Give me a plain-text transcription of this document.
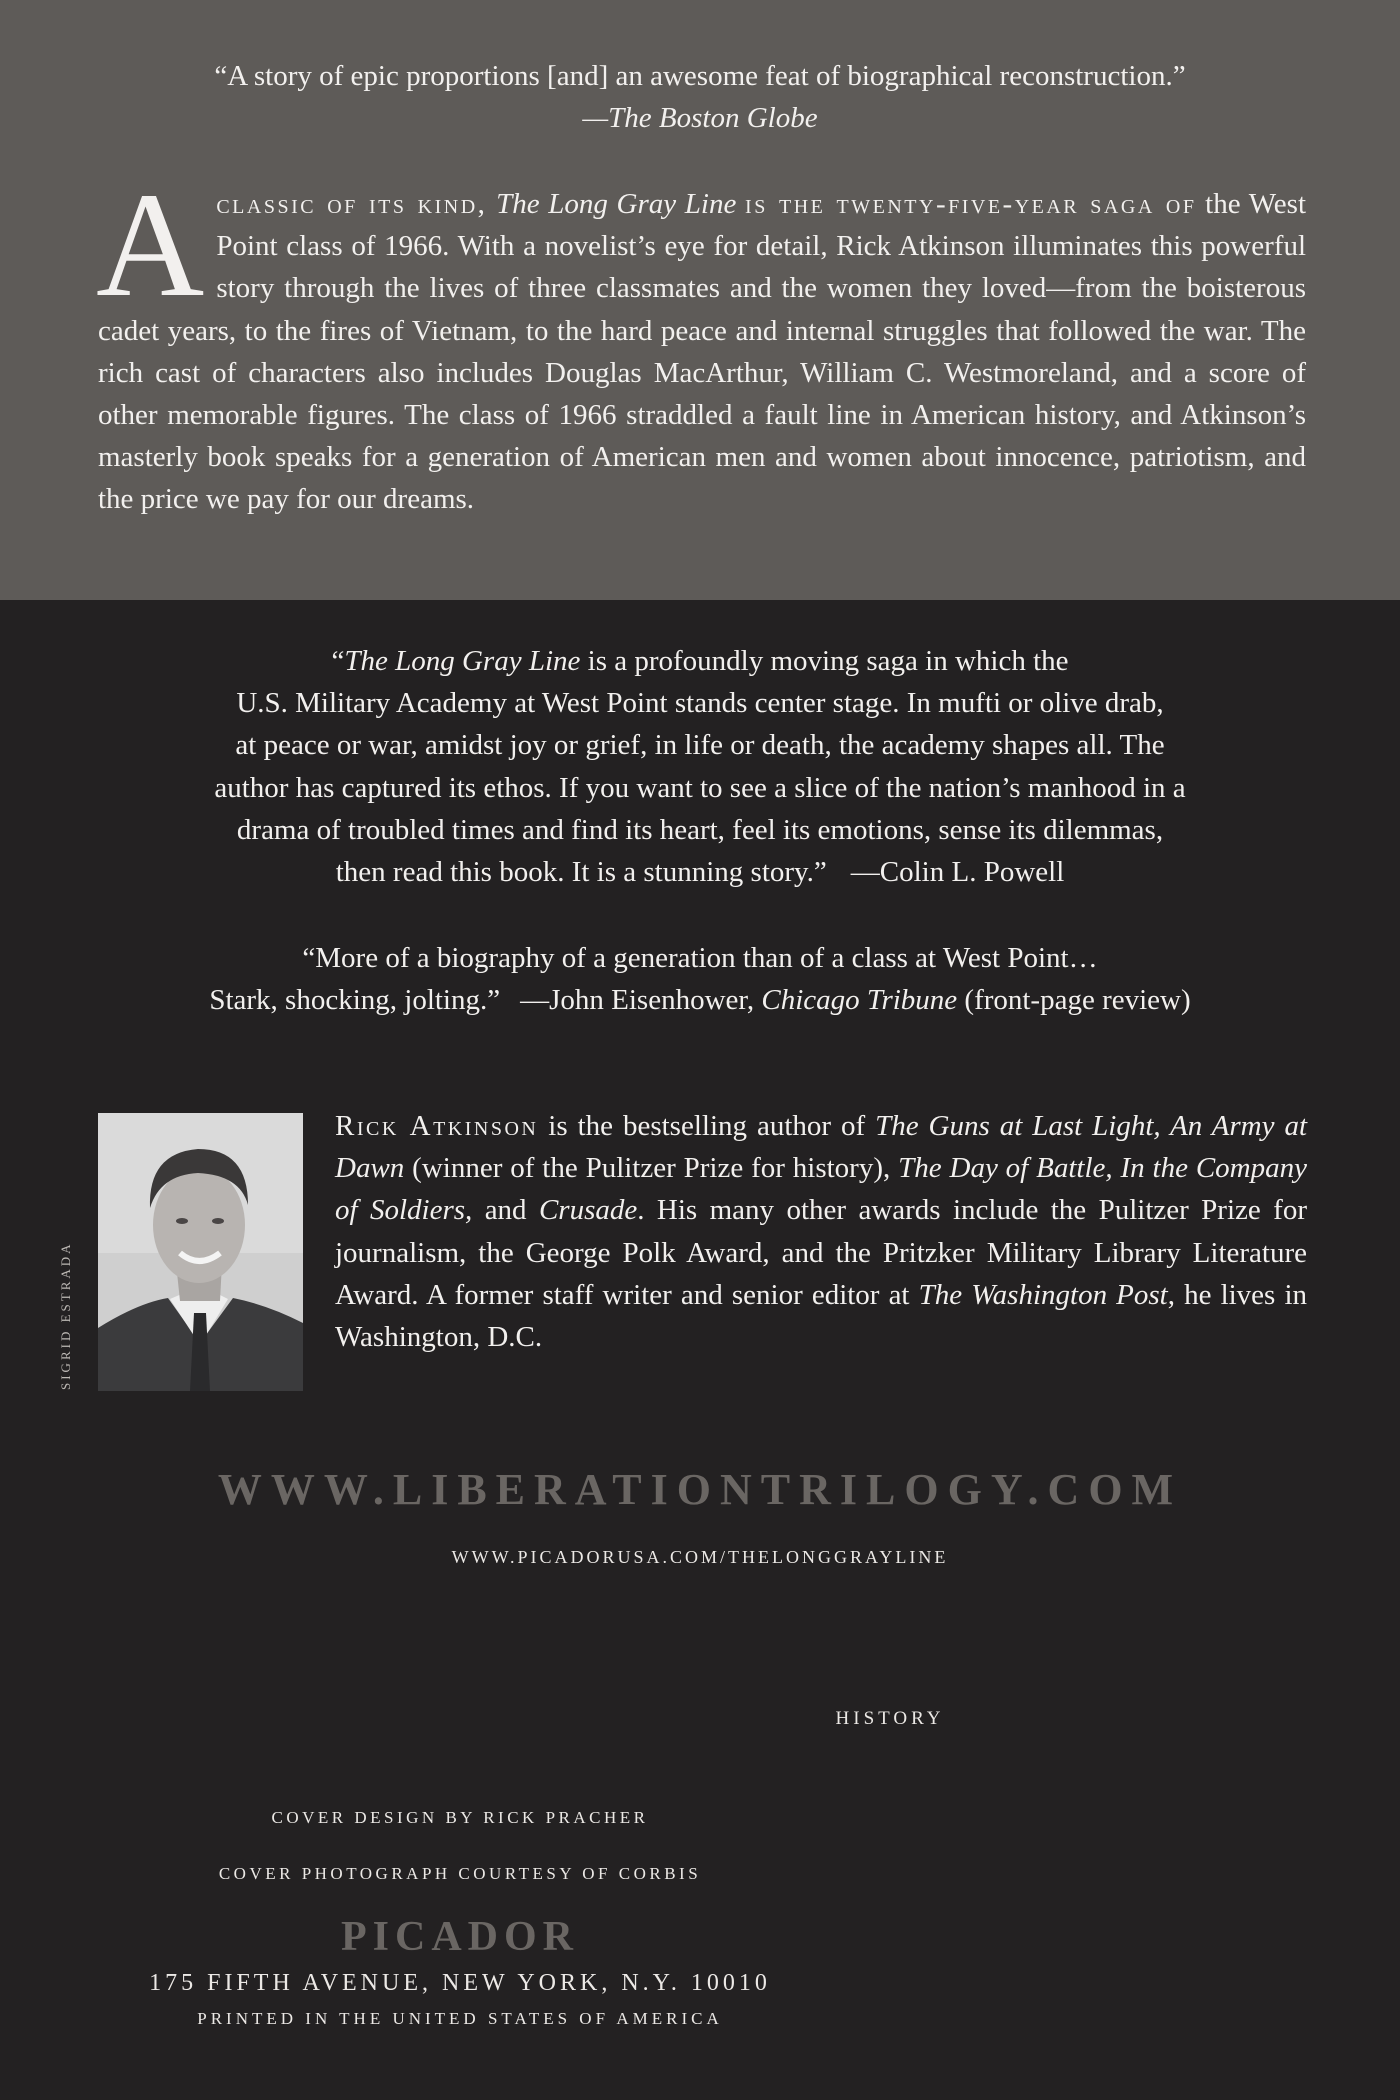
“A story of epic proportions [and] an awesome feat of biographical reconstruction.”
—The Boston Globe
A classic of its kind, The Long Gray Line is the twenty-five-year saga of the West Point class of 1966. With a novelist’s eye for detail, Rick Atkinson illuminates this powerful story through the lives of three classmates and the women they loved—from the boisterous cadet years, to the fires of Vietnam, to the hard peace and internal struggles that followed the war. The rich cast of characters also includes Douglas MacArthur, William C. Westmoreland, and a score of other memorable figures. The class of 1966 straddled a fault line in American history, and Atkinson’s masterly book speaks for a generation of American men and women about innocence, patriotism, and the price we pay for our dreams.
“The Long Gray Line is a profoundly moving saga in which the
U.S. Military Academy at West Point stands center stage. In mufti or olive drab,
at peace or war, amidst joy or grief, in life or death, the academy shapes all. The
author has captured its ethos. If you want to see a slice of the nation’s manhood in a
drama of troubled times and find its heart, feel its emotions, sense its dilemmas,
then read this book. It is a stunning story.” —Colin L. Powell
“More of a biography of a generation than of a class at West Point…
Stark, shocking, jolting.” —John Eisenhower, Chicago Tribune (front-page review)
SIGRID ESTRADA
Rick Atkinson is the bestselling author of The Guns at Last Light, An Army at Dawn (winner of the Pulitzer Prize for history), The Day of Battle, In the Company of Soldiers, and Crusade. His many other awards include the Pulitzer Prize for journalism, the George Polk Award, and the Pritzker Military Library Literature Award. A former staff writer and senior editor at The Washington Post, he lives in Washington, D.C.
WWW.LIBERATIONTRILOGY.COM
WWW.PICADORUSA.COM/THELONGGRAYLINE
HISTORY
COVER DESIGN BY RICK PRACHER
COVER PHOTOGRAPH COURTESY OF CORBIS
PICADOR
175 FIFTH AVENUE, NEW YORK, N.Y. 10010
PRINTED IN THE UNITED STATES OF AMERICA
